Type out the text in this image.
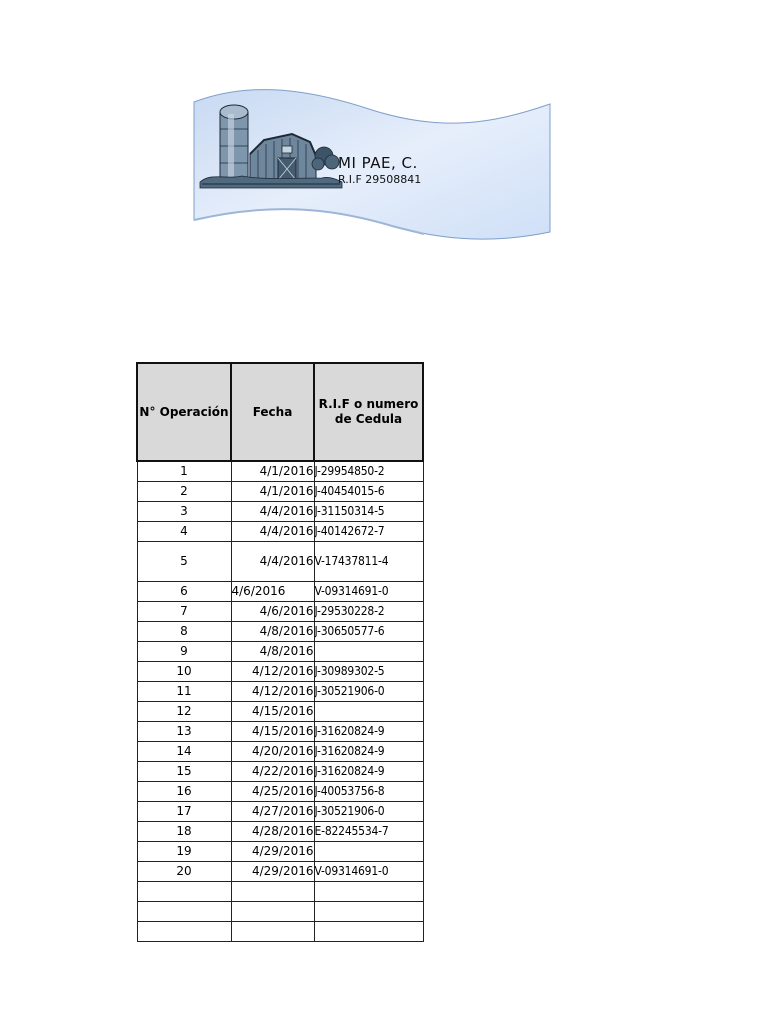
MI PAE, C.
R.I.F 29508841
N° Operación	Fecha	R.I.F o numero de Cedula
1	4/1/2016	J-29954850-2
2	4/1/2016	J-40454015-6
3	4/4/2016	J-31150314-5
4	4/4/2016	J-40142672-7
5	4/4/2016	V-17437811-4
6	4/6/2016	V-09314691-0
7	4/6/2016	J-29530228-2
8	4/8/2016	J-30650577-6
9	4/8/2016	
10	4/12/2016	J-30989302-5
11	4/12/2016	J-30521906-0
12	4/15/2016	
13	4/15/2016	J-31620824-9
14	4/20/2016	J-31620824-9
15	4/22/2016	J-31620824-9
16	4/25/2016	J-40053756-8
17	4/27/2016	J-30521906-0
18	4/28/2016	E-82245534-7
19	4/29/2016	
20	4/29/2016	V-09314691-0
